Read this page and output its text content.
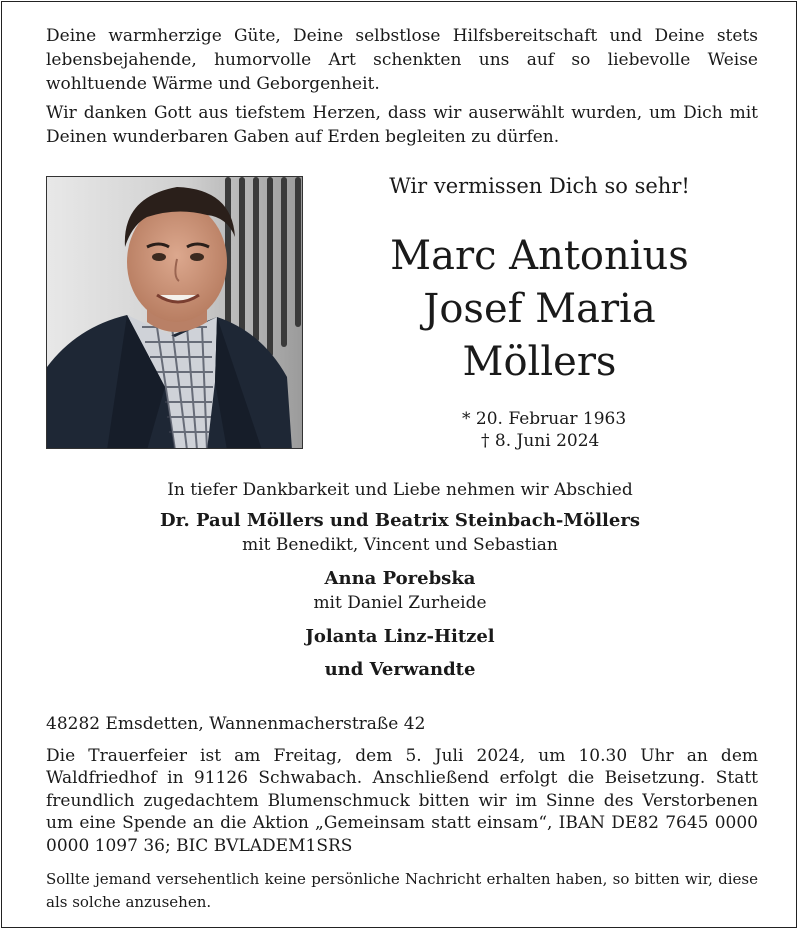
Deine warmherzige Güte, Deine selbstlose Hilfsbereitschaft und Deine stets lebensbejahende, humorvolle Art schenkten uns auf so liebevolle Weise wohltuende Wärme und Geborgenheit.

Wir danken Gott aus tiefstem Herzen, dass wir auserwählt wurden, um Dich mit Deinen wunderbaren Gaben auf Erden begleiten zu dürfen.

Wir vermissen Dich so sehr!

Marc Antonius
Josef Maria
Möllers
* 20. Februar 1963
† 8. Juni 2024

In tiefer Dankbarkeit und Liebe nehmen wir Abschied

Dr. Paul Möllers und Beatrix Steinbach-Möllers

mit Benedikt, Vincent und Sebastian

Anna Porebska

mit Daniel Zurheide

Jolanta Linz-Hitzel

und Verwandte

48282 Emsdetten, Wannenmacherstraße 42

Die Trauerfeier ist am Freitag, dem 5. Juli 2024, um 10.30 Uhr an dem Waldfriedhof in 91126 Schwabach. Anschließend erfolgt die Beisetzung. Statt freundlich zugedachtem Blumenschmuck bitten wir im Sinne des Verstorbenen um eine Spende an die Aktion „Gemeinsam statt einsam“, IBAN DE82 7645 0000 0000 1097 36; BIC BVLADEM1SRS

Sollte jemand versehentlich keine persönliche Nachricht erhalten haben, so bitten wir, diese als solche anzusehen.
